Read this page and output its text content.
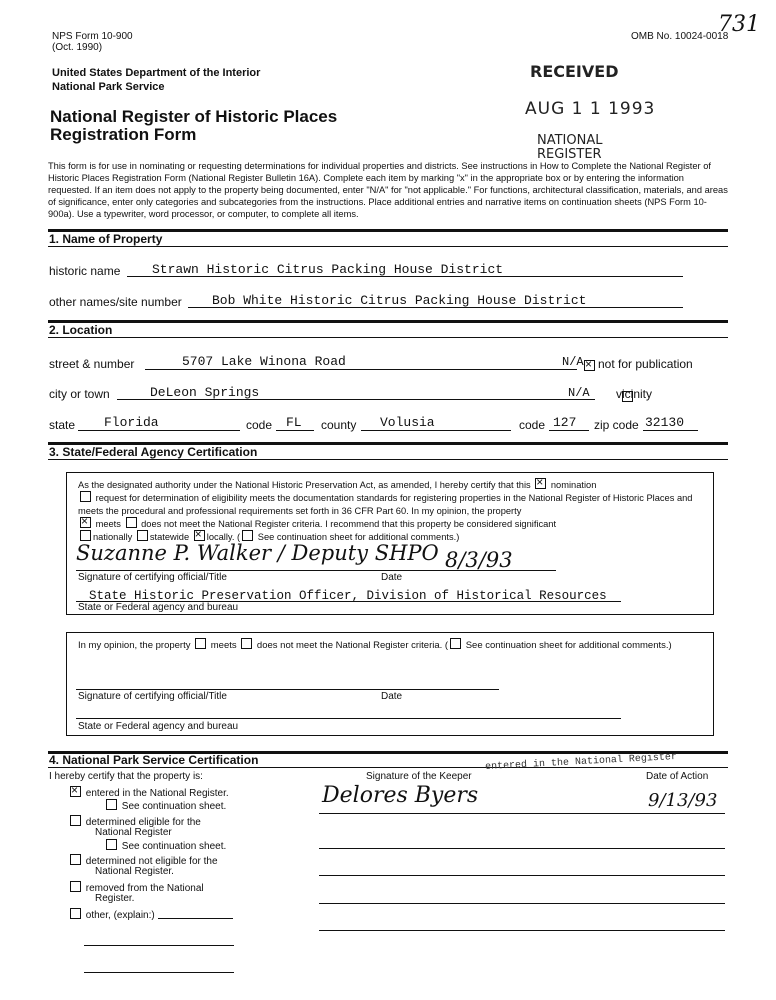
NPS Form 10-900
(Oct. 1990)
OMB No. 10024-0018
731
United States Department of the Interior
National Park Service
National Register of Historic Places
Registration Form
RECEIVED
AUG 1 1 1993
NATIONAL
REGISTER
This form is for use in nominating or requesting determinations for individual properties and districts. See instructions in How to Complete the National Register of Historic Places Registration Form (National Register Bulletin 16A). Complete each item by marking "x" in the appropriate box or by entering the information requested. If an item does not apply to the property being documented, enter "N/A" for "not applicable." For functions, architectural classification, materials, and areas of significance, enter only categories and subcategories from the instructions. Place additional entries and narrative items on continuation sheets (NPS Form 10-900a). Use a typewriter, word processor, or computer, to complete all items.
1. Name of Property
historic name Strawn Historic Citrus Packing House District
other names/site number Bob White Historic Citrus Packing House District
2. Location
street & number	5707 Lake Winona Road	N/A × not for publication
city or town	DeLeon Springs	N/A vicinity
state Florida	code FL county Volusia	code 127 zip code 32130
3. State/Federal Agency Certification
As the designated authority under the National Historic Preservation Act, as amended, I hereby certify that this × nomination
request for determination of eligibility meets the documentation standards for registering properties in the National Register of Historic Places and meets the procedural and professional requirements set forth in 36 CFR Part 60. In my opinion, the property
× meets does not meet the National Register criteria. I recommend that this property be considered significant
nationally statewide × locally. ( See continuation sheet for additional comments.)
Suzanne P. Walker / Deputy SHPO 8/3/93
Signature of certifying official/Title	Date
State Historic Preservation Officer, Division of Historical Resources
State or Federal agency and bureau
In my opinion, the property meets does not meet the National Register criteria. ( See continuation sheet for additional comments.)
Signature of certifying official/Title	Date
State or Federal agency and bureau
4. National Park Service Certification
I hereby certify that the property is:	Signature of the Keeper	Date of Action
entered in the National Register
Delores Byers	9/13/93
× entered in the National Register.
See continuation sheet.
determined eligible for the
National Register
See continuation sheet.
determined not eligible for the
National Register.
removed from the National
Register.
other, (explain:)
